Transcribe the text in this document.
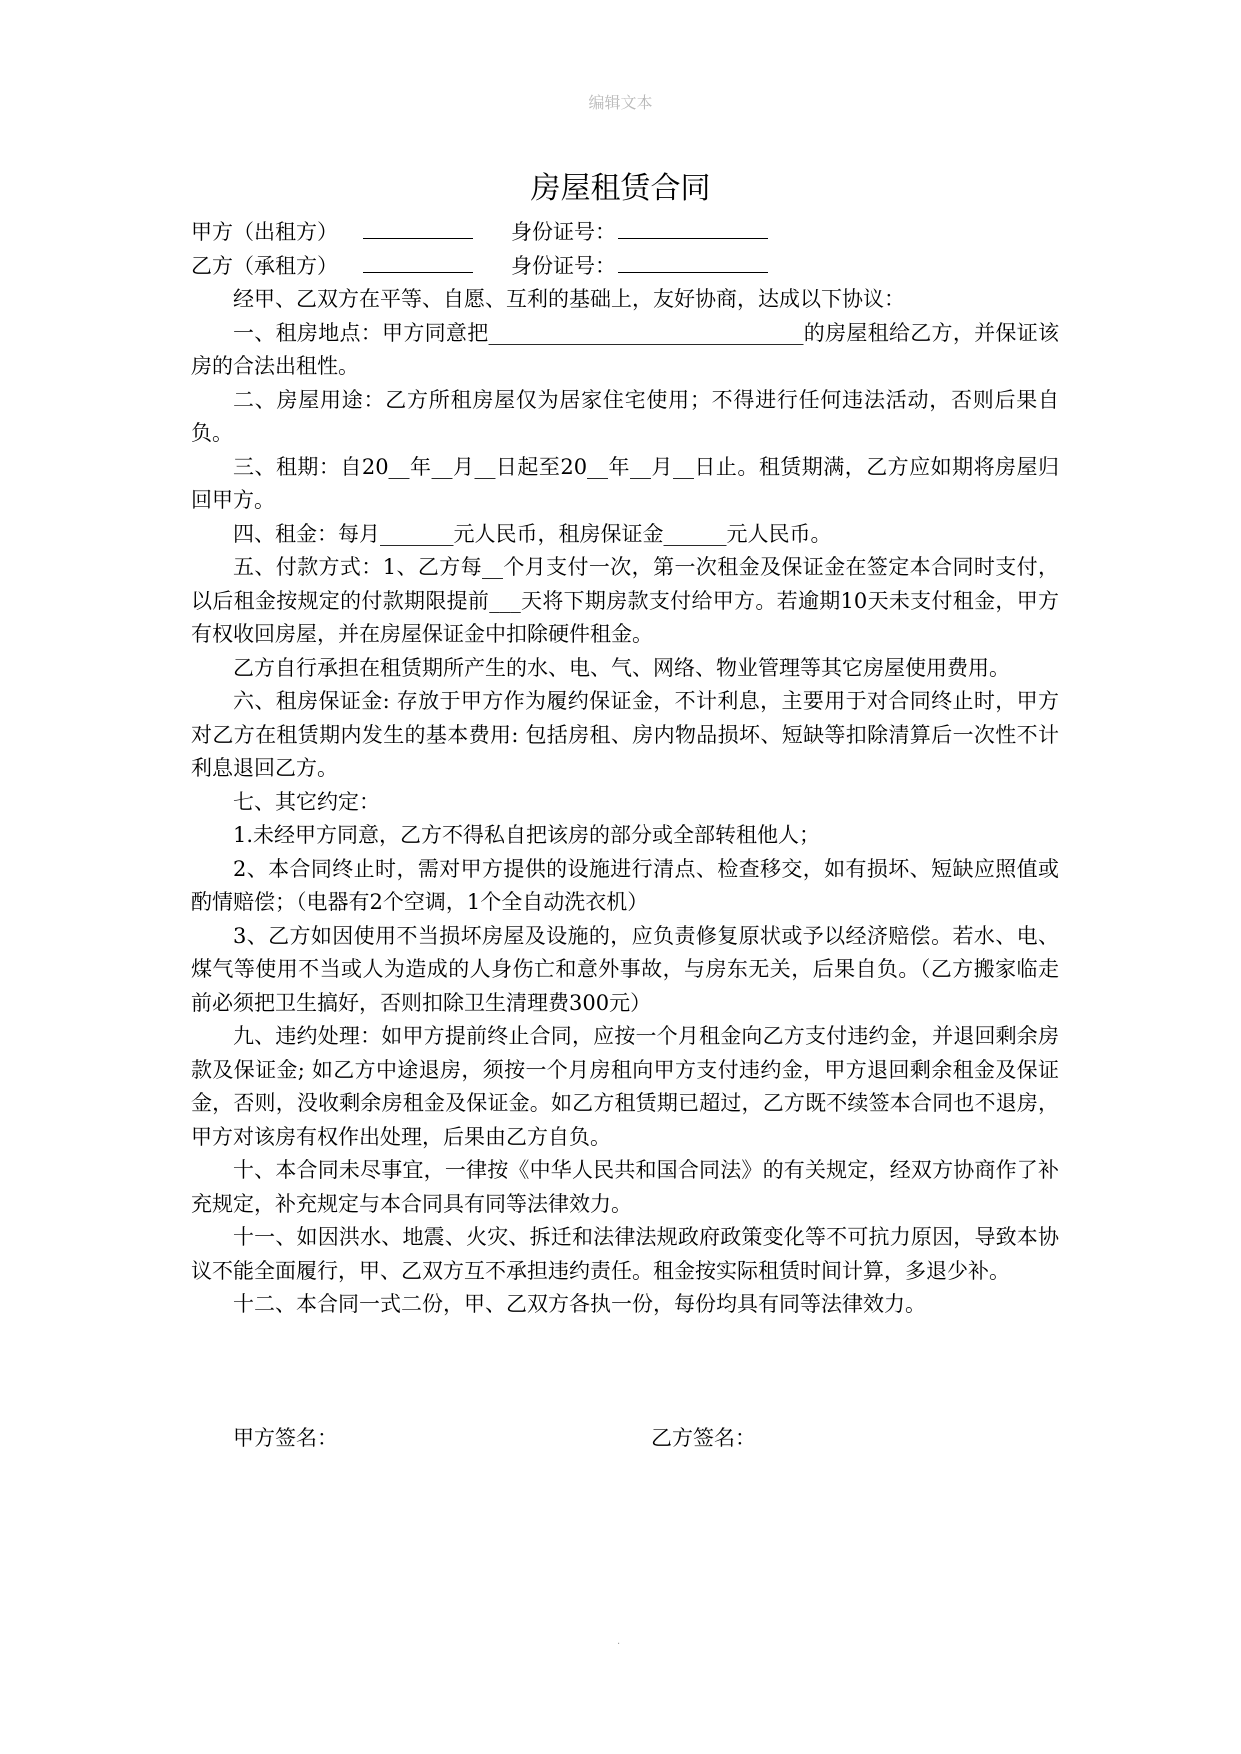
编辑文本
房屋租赁合同
甲方（出租方）	身份证号：
乙方（承租方）	身份证号：

经甲、乙双方在平等、自愿、互利的基础上，友好协商，达成以下协议：

一、租房地点：甲方同意把______________________________的房屋租给乙方，并保证该房的合法出租性。

二、房屋用途：乙方所租房屋仅为居家住宅使用；不得进行任何违法活动，否则后果自负。

三、租期：自20__年__月__日起至20__年__月__日止。租赁期满，乙方应如期将房屋归回甲方。

四、租金：每月_______元人民币，租房保证金______元人民币。

五、付款方式：1、乙方每__个月支付一次，第一次租金及保证金在签定本合同时支付，以后租金按规定的付款期限提前___天将下期房款支付给甲方。若逾期10天未支付租金，甲方有权收回房屋，并在房屋保证金中扣除硬件租金。

乙方自行承担在租赁期所产生的水、电、气、网络、物业管理等其它房屋使用费用。

六、租房保证金: 存放于甲方作为履约保证金，不计利息，主要用于对合同终止时，甲方对乙方在租赁期内发生的基本费用: 包括房租、房内物品损坏、短缺等扣除清算后一次性不计利息退回乙方。

七、其它约定：

1.未经甲方同意，乙方不得私自把该房的部分或全部转租他人；

2、本合同终止时，需对甲方提供的设施进行清点、检查移交，如有损坏、短缺应照值或酌情赔偿；（电器有2个空调，1个全自动洗衣机）

3、乙方如因使用不当损坏房屋及设施的，应负责修复原状或予以经济赔偿。若水、电、煤气等使用不当或人为造成的人身伤亡和意外事故，与房东无关，后果自负。（乙方搬家临走前必须把卫生搞好，否则扣除卫生清理费300元）

九、违约处理：如甲方提前终止合同，应按一个月租金向乙方支付违约金，并退回剩余房款及保证金; 如乙方中途退房，须按一个月房租向甲方支付违约金，甲方退回剩余租金及保证金，否则，没收剩余房租金及保证金。如乙方租赁期已超过，乙方既不续签本合同也不退房，甲方对该房有权作出处理，后果由乙方自负。

十、本合同未尽事宜，一律按《中华人民共和国合同法》的有关规定，经双方协商作了补充规定，补充规定与本合同具有同等法律效力。

十一、如因洪水、地震、火灾、拆迁和法律法规政府政策变化等不可抗力原因，导致本协议不能全面履行，甲、乙双方互不承担违约责任。租金按实际租赁时间计算，多退少补。

十二、本合同一式二份，甲、乙双方各执一份，每份均具有同等法律效力。

甲方签名：	乙方签名：
.
